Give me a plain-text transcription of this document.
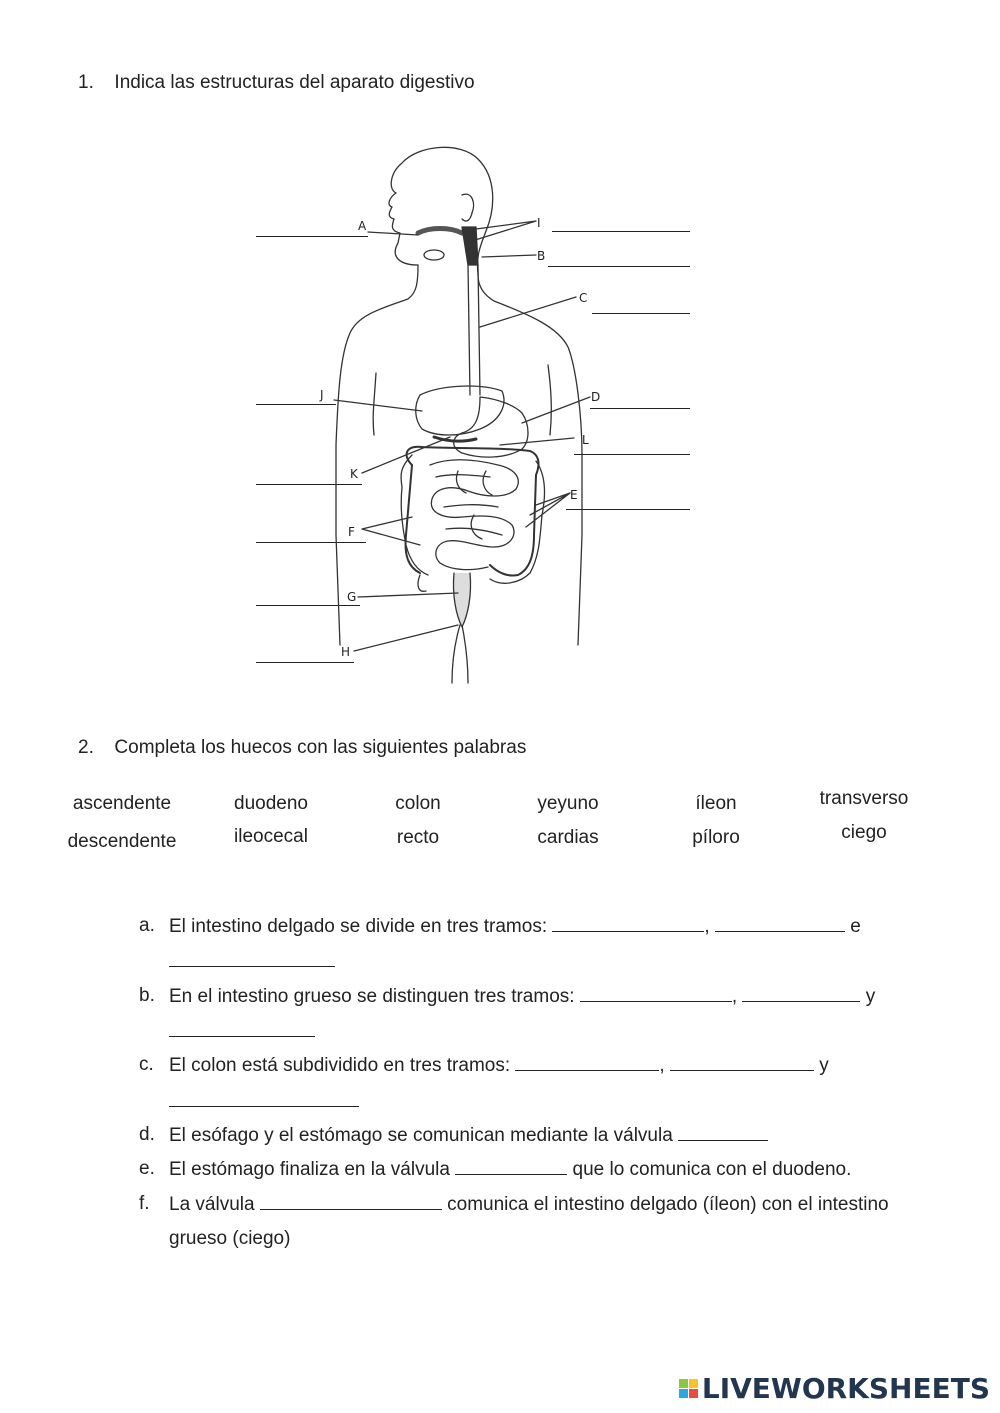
1. Indica las estructuras del aparato digestivo
A	I
B
C
J	D
L
K
E
F
G
H
2. Completa los huecos con las siguientes palabras
ascendente	duodeno	colon	yeyuno	íleon	transverso
descendente	ileocecal	recto	cardias	píloro	ciego
a. El intestino delgado se divide en tres tramos:	,	e
b. En el intestino grueso se distinguen tres tramos:	,	y
c. El colon está subdividido en tres tramos:	,	y
d. El esófago y el estómago se comunican mediante la válvula
e. El estómago finaliza en la válvula	que lo comunica con el duodeno.
f. La válvula	comunica el intestino delgado (íleon) con el intestino
grueso (ciego)
LIVEWORKSHEETS
